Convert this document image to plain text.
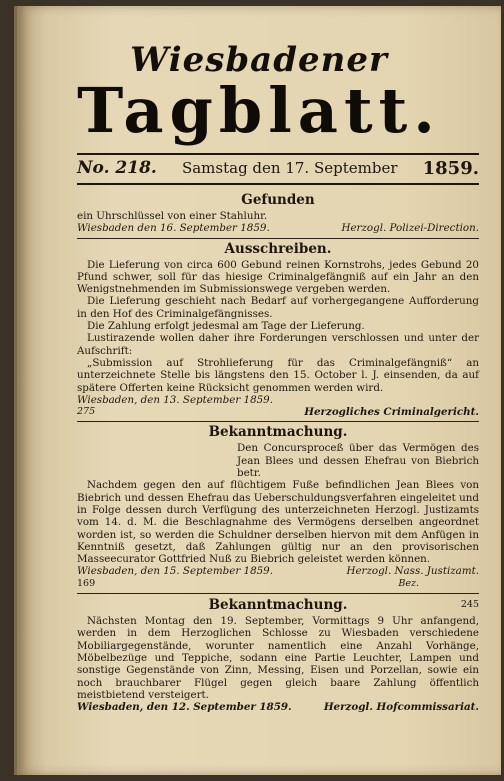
Wiesbadener
Tagblatt.
No. 218. Samstag den 17. September 1859.
Gefunden
ein Uhrschlüssel von einer Stahluhr.
Wiesbaden den 16. September 1859.	Herzogl. Polizei-Direction.
Ausschreiben.
Die Lieferung von circa 600 Gebund reinen Kornstrohs, jedes Gebund 20 Pfund schwer, soll für das hiesige Criminalgefängniß auf ein Jahr an den Wenigstnehmenden im Submissionswege vergeben werden.
Die Lieferung geschieht nach Bedarf auf vorhergegangene Aufforderung in den Hof des Criminalgefängnisses.
Die Zahlung erfolgt jedesmal am Tage der Lieferung.
Lustirazende wollen daher ihre Forderungen verschlossen und unter der Aufschrift:
„Submission auf Strohlieferung für das Criminalgefängniß“ an unterzeichnete Stelle bis längstens den 15. October l. J. einsenden, da auf spätere Offerten keine Rücksicht genommen werden wird.
Wiesbaden, den 13. September 1859.
275	Herzogliches Criminalgericht.
Bekanntmachung.
Den Concursproceß über das Vermögen des Jean Blees und dessen Ehefrau von Biebrich betr.
Nachdem gegen den auf flüchtigem Fuße befindlichen Jean Blees von Biebrich und dessen Ehefrau das Ueberschuldungsverfahren eingeleitet und in Folge dessen durch Verfügung des unterzeichneten Herzogl. Justizamts vom 14. d. M. die Beschlagnahme des Vermögens derselben angeordnet worden ist, so werden die Schuldner derselben hiervon mit dem Anfügen in Kenntniß gesetzt, daß Zahlungen gültig nur an den provisorischen Masseecurator Gottfried Nuß zu Biebrich geleistet werden können.
Wiesbaden, den 15. September 1859.	Herzogl. Nass. Justizamt.
169	Bez.
Bekanntmachung.	245
Nächsten Montag den 19. September, Vormittags 9 Uhr anfangend, werden in dem Herzoglichen Schlosse zu Wiesbaden verschiedene Mobiliargegenstände, worunter namentlich eine Anzahl Vorhänge, Möbelbezüge und Teppiche, sodann eine Partie Leuchter, Lampen und sonstige Gegenstände von Zinn, Messing, Eisen und Porzellan, sowie ein noch brauchbarer Flügel gegen gleich baare Zahlung öffentlich meistbietend versteigert.
Wiesbaden, den 12. September 1859.	Herzogl. Hofcommissariat.
